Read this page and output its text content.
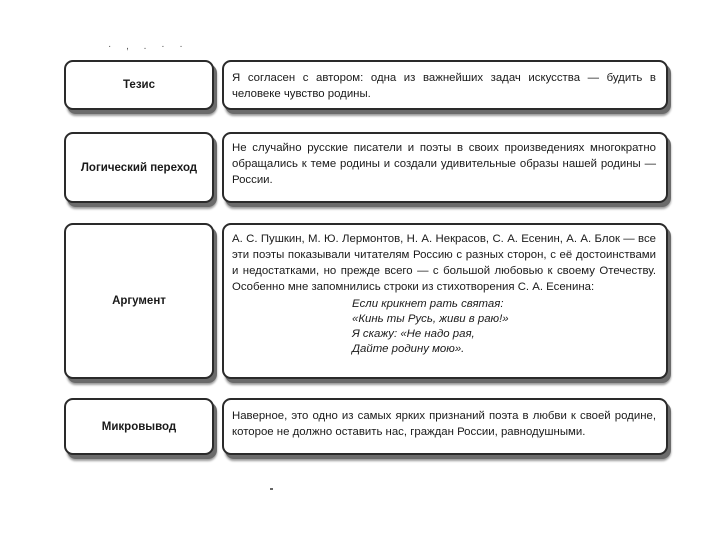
· , . · ·
Тезис
Я согласен с автором: одна из важнейших задач искусства — будить в человеке чувство родины.
Логический переход
Не случайно русские писатели и поэты в своих произведениях многократно обращались к теме родины и создали удивительные образы нашей родины — России.
Аргумент
А. С. Пушкин, М. Ю. Лермонтов, Н. А. Некрасов, С. А. Есенин, А. А. Блок — все эти поэты показывали читателям Россию с разных сторон, с её достоинствами и недостатками, но прежде всего — с большой любовью к своему Отечеству. Особенно мне запомнились строки из стихотворения С. А. Есенина:
Если крикнет рать святая:
«Кинь ты Русь, живи в раю!»
Я скажу: «Не надо рая,
Дайте родину мою».
Микровывод
Наверное, это одно из самых ярких признаний поэта в любви к своей родине, которое не должно оставить нас, граждан России, равнодушными.
